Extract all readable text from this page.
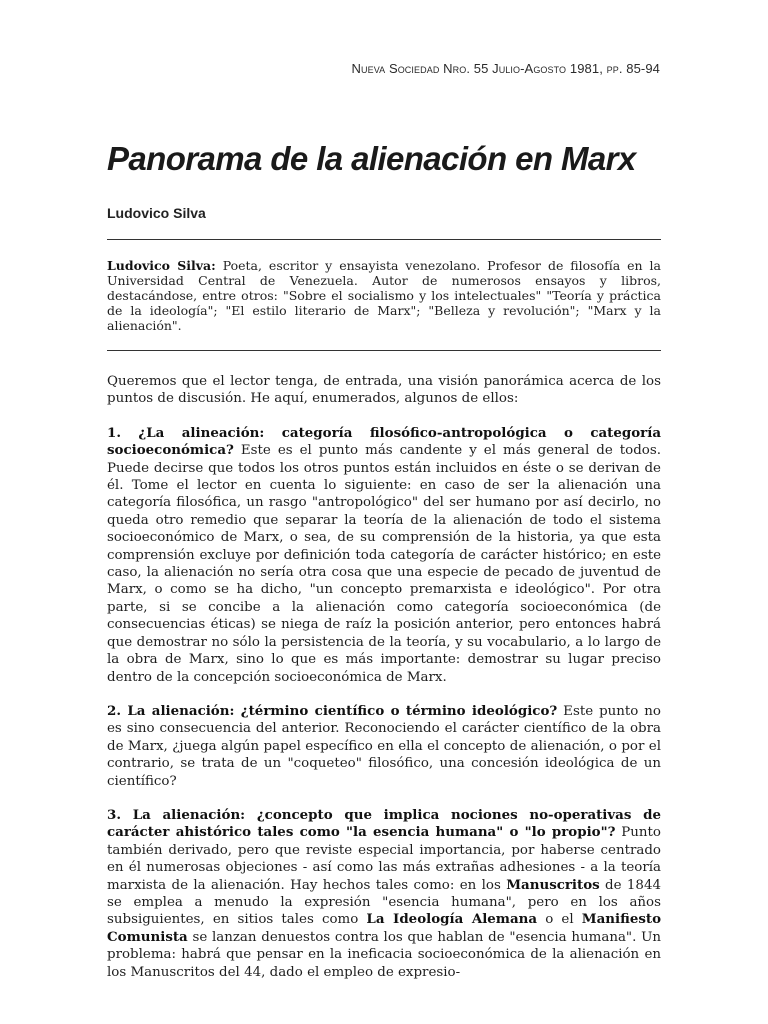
Nueva Sociedad Nro. 55 Julio-Agosto 1981, pp. 85-94
Panorama de la alienación en Marx
Ludovico Silva

Ludovico Silva: Poeta, escritor y ensayista venezolano. Profesor de filosofía en la Universidad Central de Venezuela. Autor de numerosos ensayos y libros, destacándose, entre otros: "Sobre el socialismo y los intelectuales" "Teoría y práctica de la ideología"; "El estilo literario de Marx"; "Belleza y revolución"; "Marx y la alienación".

Queremos que el lector tenga, de entrada, una visión panorámica acerca de los puntos de discusión. He aquí, enumerados, algunos de ellos:

1. ¿La alineación: categoría filosófico-antropológica o categoría socioeconómica? Este es el punto más candente y el más general de todos. Puede decirse que todos los otros puntos están incluidos en éste o se derivan de él. Tome el lector en cuenta lo siguiente: en caso de ser la alienación una categoría filosófica, un rasgo "antropológico" del ser humano por así decirlo, no queda otro remedio que separar la teoría de la alienación de todo el sistema socioeconómico de Marx, o sea, de su comprensión de la historia, ya que esta comprensión excluye por definición toda categoría de carácter histórico; en este caso, la alienación no sería otra cosa que una especie de pecado de juventud de Marx, o como se ha dicho, "un concepto premarxista e ideológico". Por otra parte, si se concibe a la alienación como categoría socioeconómica (de consecuencias éticas) se niega de raíz la posición anterior, pero entonces habrá que demostrar no sólo la persistencia de la teoría, y su vocabulario, a lo largo de la obra de Marx, sino lo que es más importante: demostrar su lugar preciso dentro de la concepción socioeconómica de Marx.

2. La alienación: ¿término científico o término ideológico? Este punto no es sino consecuencia del anterior. Reconociendo el carácter científico de la obra de Marx, ¿juega algún papel específico en ella el concepto de alienación, o por el contrario, se trata de un "coqueteo" filosófico, una concesión ideológica de un científico?

3. La alienación: ¿concepto que implica nociones no-operativas de carácter ahistórico tales como "la esencia humana" o "lo propio"? Punto también derivado, pero que reviste especial importancia, por haberse centrado en él numerosas objeciones - así como las más extrañas adhesiones - a la teoría marxista de la alienación. Hay hechos tales como: en los Manuscritos de 1844 se emplea a menudo la expresión "esencia humana", pero en los años subsiguientes, en sitios tales como La Ideología Alemana o el Manifiesto Comunista se lanzan denuestos contra los que hablan de "esencia humana". Un problema: habrá que pensar en la ineficacia socioeconómica de la alienación en los Manuscritos del 44, dado el empleo de expresio-
